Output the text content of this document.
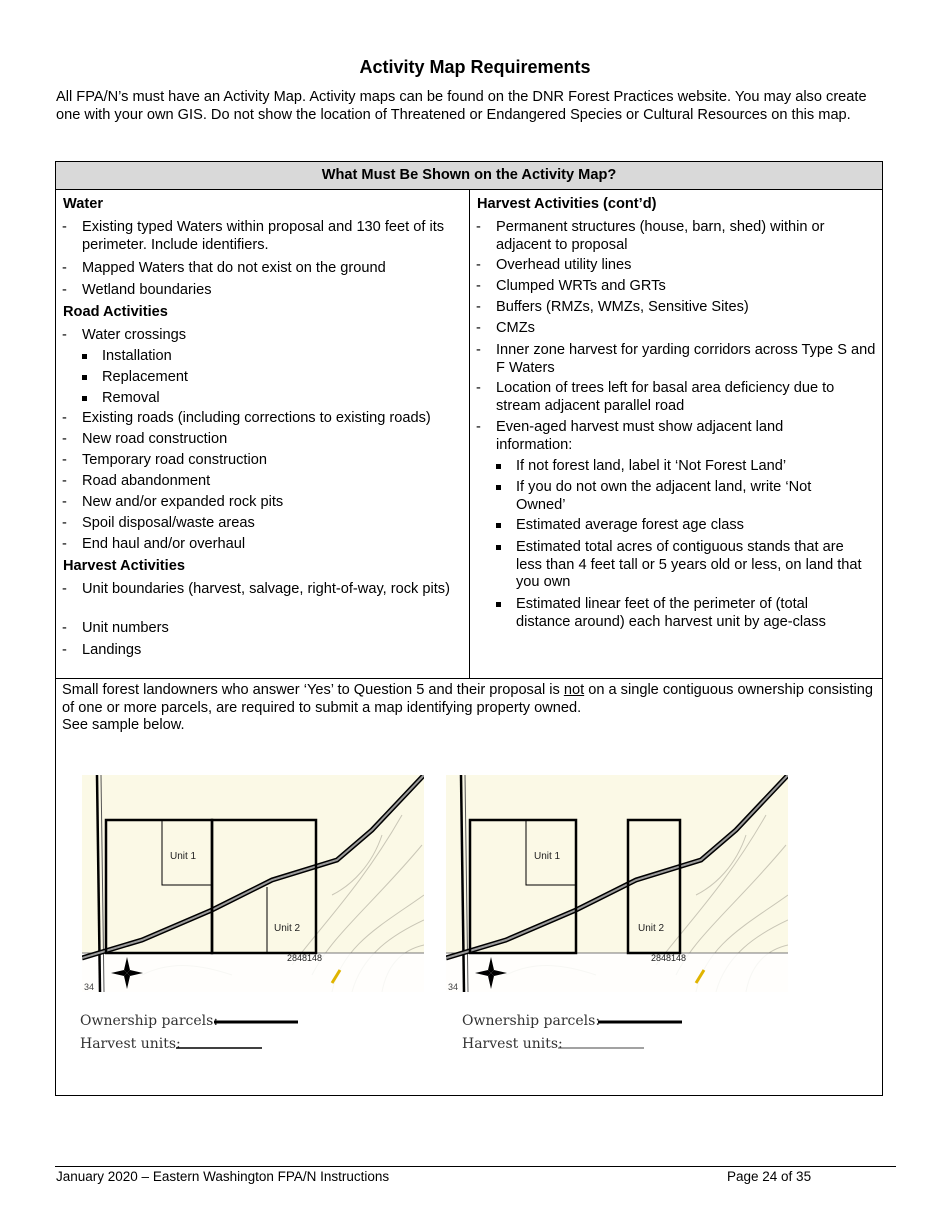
Activity Map Requirements
All FPA/N’s must have an Activity Map. Activity maps can be found on the DNR Forest Practices website. You may also create one with your own GIS. Do not show the location of Threatened or Endangered Species or Cultural Resources on this map.
What Must Be Shown on the Activity Map?
Water
- Existing typed Waters within proposal and 130 feet of its perimeter. Include identifiers.
- Mapped Waters that do not exist on the ground
- Wetland boundaries
Road Activities
- Water crossings
Installation
Replacement
Removal
- Existing roads (including corrections to existing roads)
- New road construction
- Temporary road construction
- Road abandonment
- New and/or expanded rock pits
- Spoil disposal/waste areas
- End haul and/or overhaul
Harvest Activities
- Unit boundaries (harvest, salvage, right-of-way, rock pits)
- Unit numbers
- Landings
Harvest Activities (cont’d)
- Permanent structures (house, barn, shed) within or adjacent to proposal
- Overhead utility lines
- Clumped WRTs and GRTs
- Buffers (RMZs, WMZs, Sensitive Sites)
- CMZs
- Inner zone harvest for yarding corridors across Type S and F Waters
- Location of trees left for basal area deficiency due to stream adjacent parallel road
- Even-aged harvest must show adjacent land information:
If not forest land, label it ‘Not Forest Land’
If you do not own the adjacent land, write ‘Not Owned’
Estimated average forest age class
Estimated total acres of contiguous stands that are less than 4 feet tall or 5 years old or less, on land that you own
Estimated linear feet of the perimeter of (total distance around) each harvest unit by age-class
Small forest landowners who answer ‘Yes’ to Question 5 and their proposal is not on a single contiguous ownership consisting of one or more parcels, are required to submit a map identifying property owned.
See sample below.
Unit 1
Unit 2
2848148
34
Ownership parcels:
Harvest units:
Unit 1
Unit 2
2848148
34
Ownership parcels:
Harvest units:
January 2020 – Eastern Washington FPA/N Instructions	Page 24 of 35
